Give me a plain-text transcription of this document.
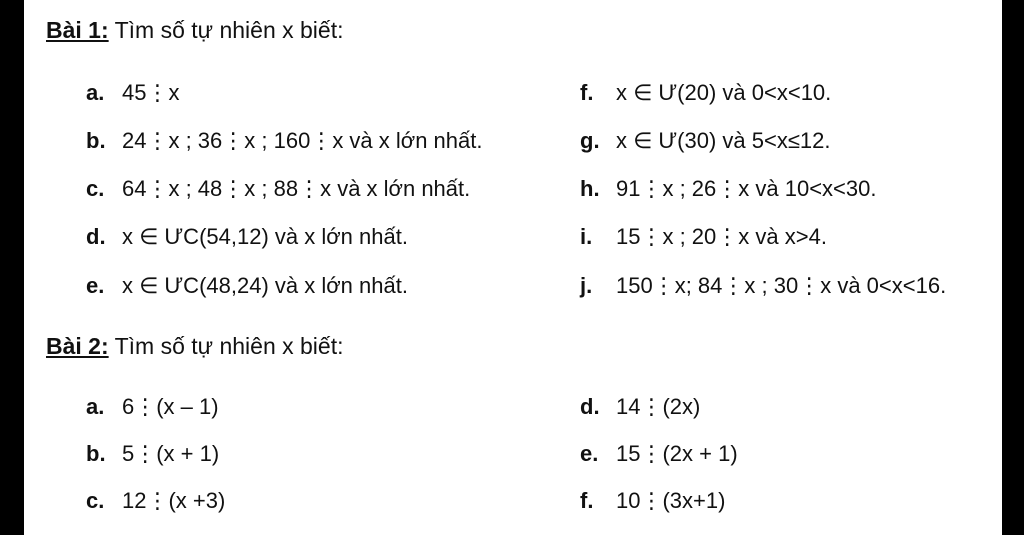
Bài 1: Tìm số tự nhiên x biết:
a. 45⋮x
b. 24⋮x ; 36⋮x ; 160⋮x và x lớn nhất.
c. 64⋮x ; 48⋮x ; 88⋮x và x lớn nhất.
d. x ∈ ƯC(54,12) và x lớn nhất.
e. x ∈ ƯC(48,24) và x lớn nhất.
f. x ∈ Ư(20) và 0<x<10.
g. x ∈ Ư(30) và 5<x≤12.
h. 91⋮x ; 26⋮x và 10<x<30.
i. 15⋮x ; 20⋮x và x>4.
j. 150⋮x; 84⋮x ; 30⋮x và 0<x<16.
Bài 2: Tìm số tự nhiên x biết:
a. 6⋮(x – 1)
b. 5⋮(x + 1)
c. 12⋮(x +3)
d. 14⋮(2x)
e. 15⋮(2x + 1)
f. 10⋮(3x+1)
